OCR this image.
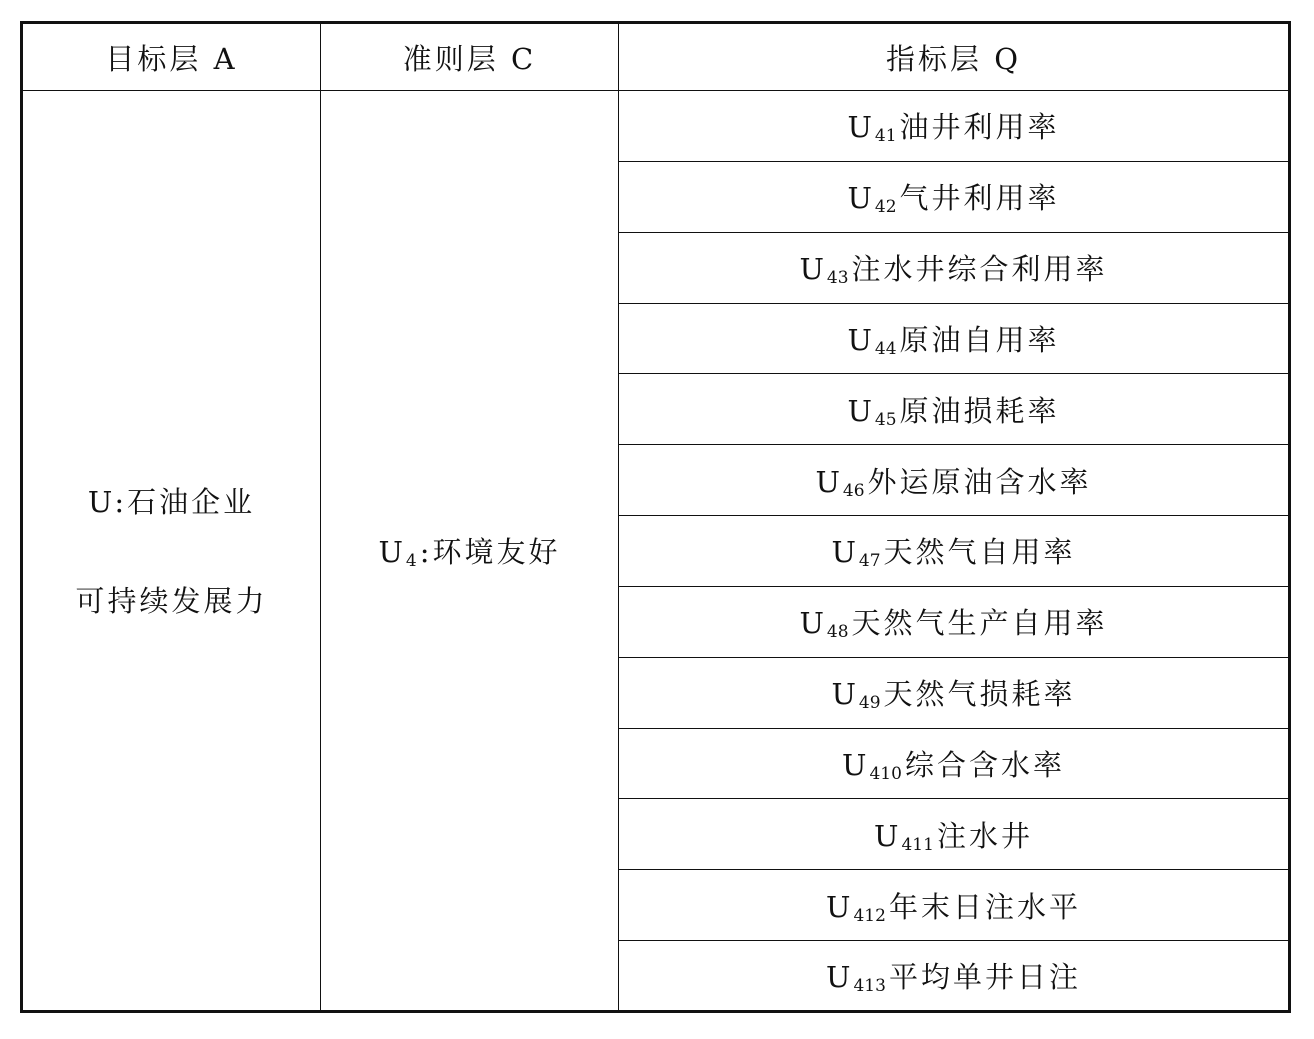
目标层 A	准则层 C	指标层 Q

U:石油企业
可持续发展力	$U_4$ :环境友好	$U_{41}$ 油井利用率
		$U_{42}$ 气井利用率
		$U_{43}$ 注水井综合利用率
		$U_{44}$ 原油自用率
		$U_{45}$ 原油损耗率
		$U_{46}$ 外运原油含水率
		$U_{47}$ 天然气自用率
		$U_{48}$ 天然气生产自用率
		$U_{49}$ 天然气损耗率
		$U_{410}$ 综合含水率
		$U_{411}$ 注水井
		$U_{412}$ 年末日注水平
		$U_{413}$ 平均单井日注
